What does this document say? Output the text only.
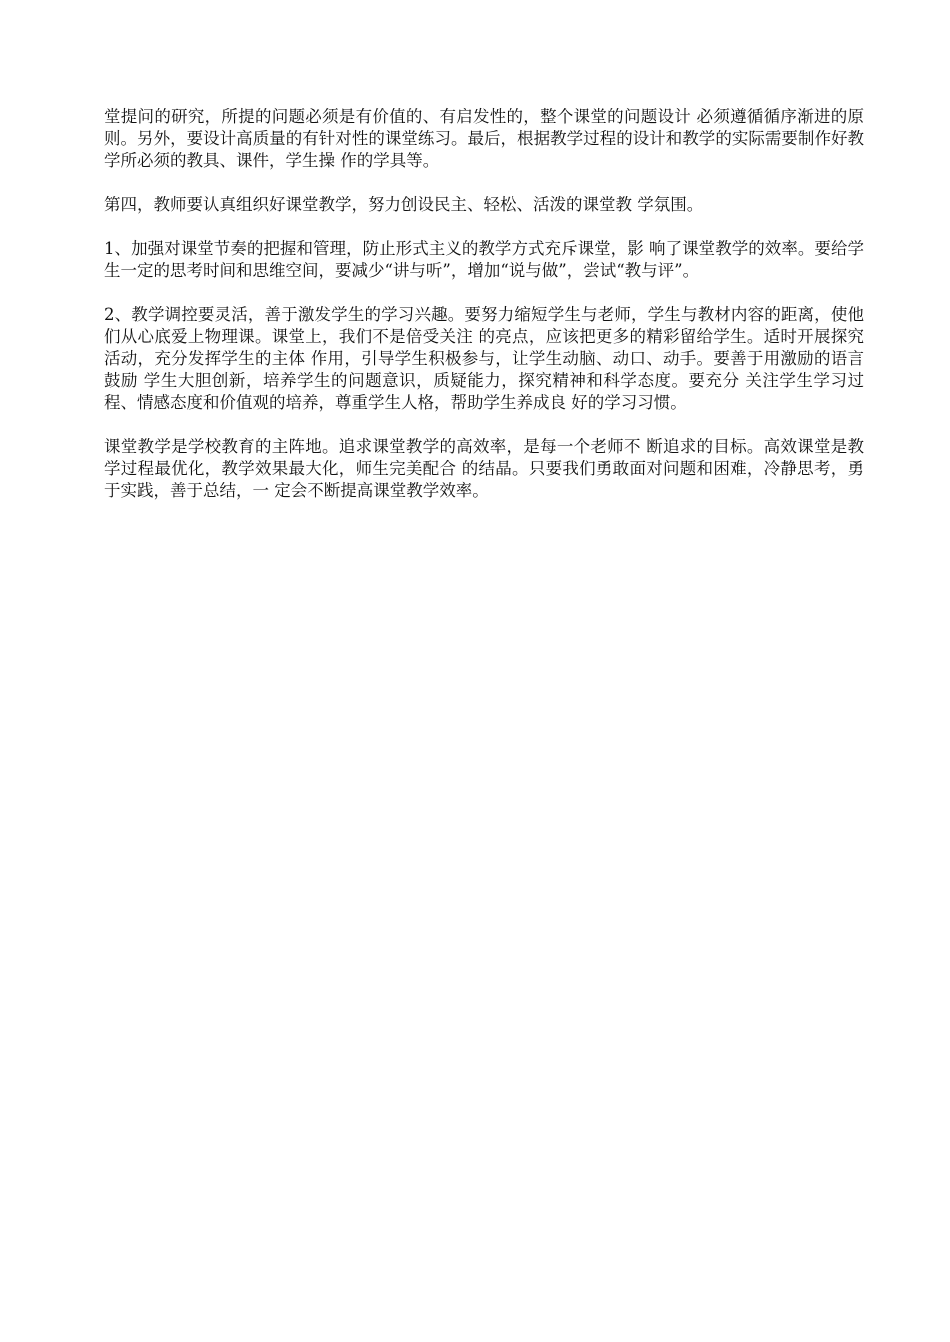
堂提问的研究，所提的问题必须是有价值的、有启发性的，整个课堂的问题设计 必须遵循循序渐进的原则。另外，要设计高质量的有针对性的课堂练习。最后，根据教学过程的设计和教学的实际需要制作好教学所必须的教具、课件，学生操 作的学具等。

第四，教师要认真组织好课堂教学，努力创设民主、轻松、活泼的课堂教 学氛围。

1、加强对课堂节奏的把握和管理，防止形式主义的教学方式充斥课堂，影 响了课堂教学的效率。要给学生一定的思考时间和思维空间，要减少“讲与听”，增加“说与做”，尝试“教与评”。

2、教学调控要灵活，善于激发学生的学习兴趣。要努力缩短学生与老师，学生与教材内容的距离，使他们从心底爱上物理课。课堂上，我们不是倍受关注 的亮点，应该把更多的精彩留给学生。适时开展探究活动，充分发挥学生的主体 作用，引导学生积极参与，让学生动脑、动口、动手。要善于用激励的语言鼓励 学生大胆创新，培养学生的问题意识，质疑能力，探究精神和科学态度。要充分 关注学生学习过程、情感态度和价值观的培养，尊重学生人格，帮助学生养成良 好的学习习惯。

课堂教学是学校教育的主阵地。追求课堂教学的高效率，是每一个老师不 断追求的目标。高效课堂是教学过程最优化，教学效果最大化，师生完美配合 的结晶。只要我们勇敢面对问题和困难，冷静思考，勇于实践，善于总结，一 定会不断提高课堂教学效率。
